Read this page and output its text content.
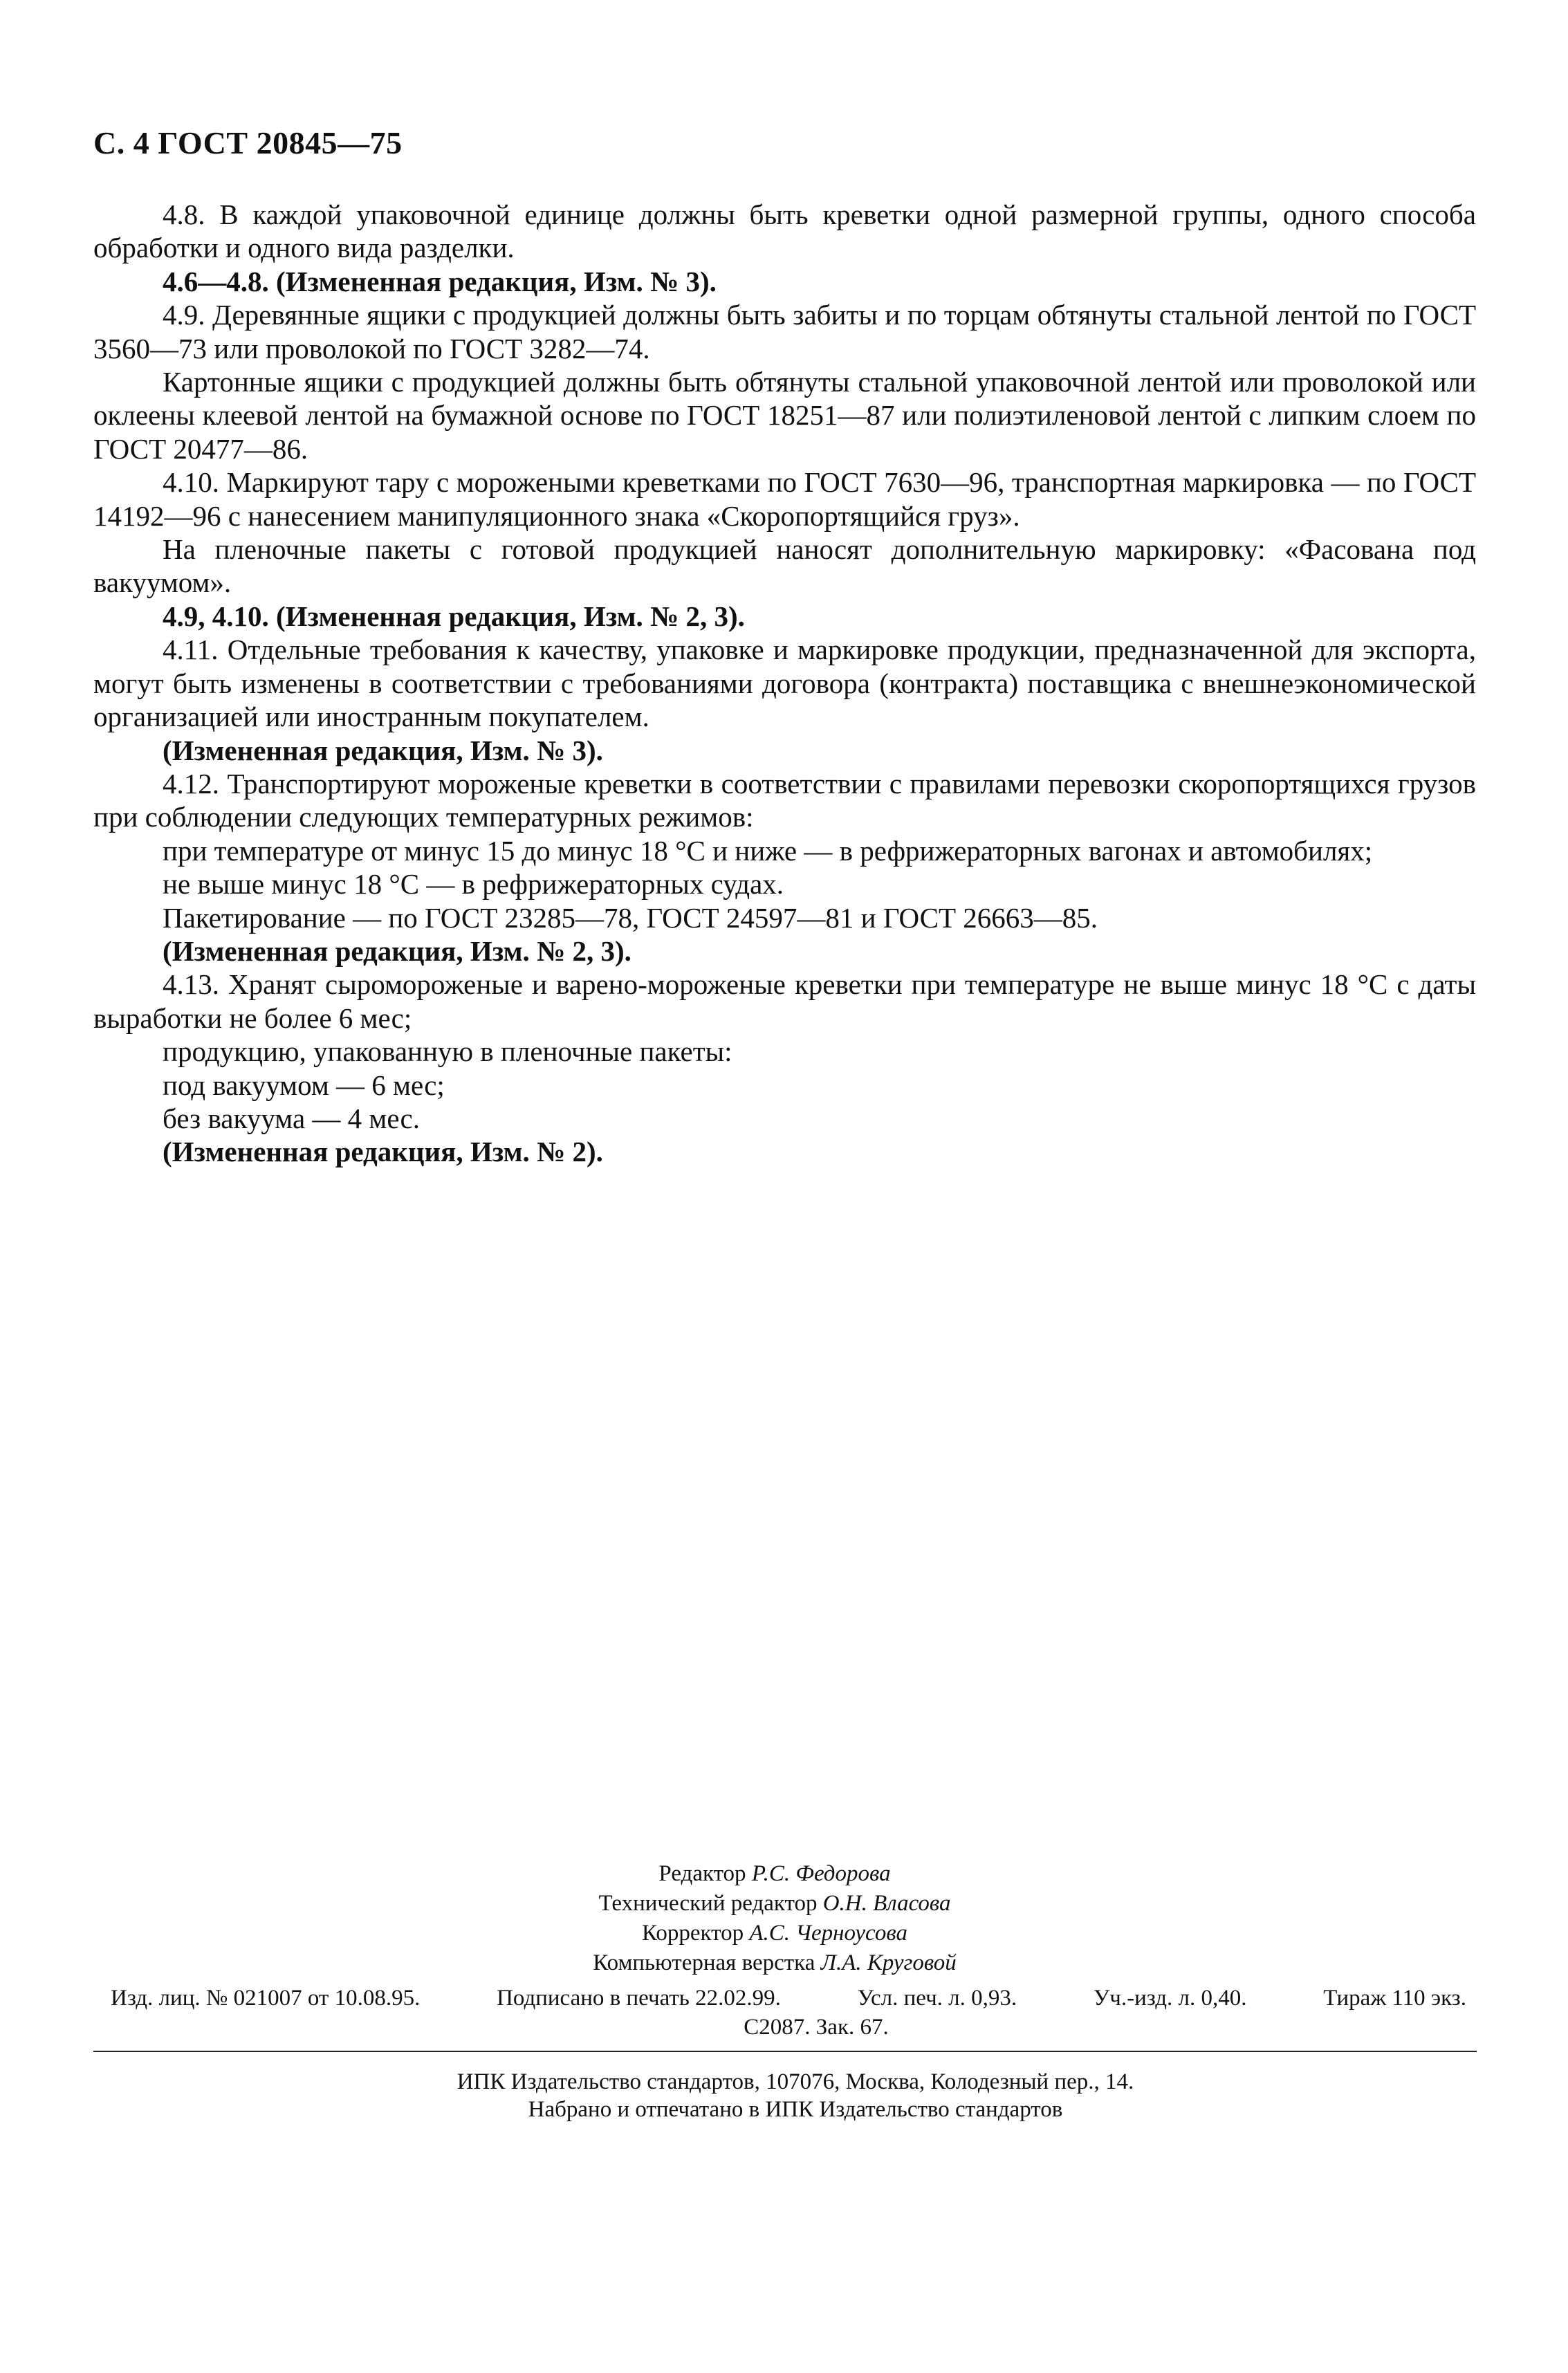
С. 4 ГОСТ 20845—75

4.8. В каждой упаковочной единице должны быть креветки одной размерной группы, одного способа обработки и одного вида разделки.

4.6—4.8. (Измененная редакция, Изм. № 3).

4.9. Деревянные ящики с продукцией должны быть забиты и по торцам обтянуты стальной лентой по ГОСТ 3560—73 или проволокой по ГОСТ 3282—74.

Картонные ящики с продукцией должны быть обтянуты стальной упаковочной лентой или проволокой или оклеены клеевой лентой на бумажной основе по ГОСТ 18251—87 или полиэтиленовой лентой с липким слоем по ГОСТ 20477—86.

4.10. Маркируют тару с морожеными креветками по ГОСТ 7630—96, транспортная маркировка — по ГОСТ 14192—96 с нанесением манипуляционного знака «Скоропортящийся груз».

На пленочные пакеты с готовой продукцией наносят дополнительную маркировку: «Фасована под вакуумом».

4.9, 4.10. (Измененная редакция, Изм. № 2, 3).

4.11. Отдельные требования к качеству, упаковке и маркировке продукции, предназначенной для экспорта, могут быть изменены в соответствии с требованиями договора (контракта) поставщика с внешнеэкономической организацией или иностранным покупателем.

(Измененная редакция, Изм. № 3).

4.12. Транспортируют мороженые креветки в соответствии с правилами перевозки скоропортящихся грузов при соблюдении следующих температурных режимов:

при температуре от минус 15 до минус 18 °С и ниже — в рефрижераторных вагонах и автомобилях;

не выше минус 18 °С — в рефрижераторных судах.

Пакетирование — по ГОСТ 23285—78, ГОСТ 24597—81 и ГОСТ 26663—85.

(Измененная редакция, Изм. № 2, 3).

4.13. Хранят сыромороженые и варено-мороженые креветки при температуре не выше минус 18 °С с даты выработки не более 6 мес;

продукцию, упакованную в пленочные пакеты:

под вакуумом — 6 мес;

без вакуума — 4 мес.

(Измененная редакция, Изм. № 2).

Редактор Р.С. Федорова
Технический редактор О.Н. Власова
Корректор А.С. Черноусова
Компьютерная верстка Л.А. Круговой
Изд. лиц. № 021007 от 10.08.95.	Подписано в печать 22.02.99.	Усл. печ. л. 0,93.	Уч.-изд. л. 0,40.	Тираж 110 экз.
С2087. Зак. 67.
ИПК Издательство стандартов, 107076, Москва, Колодезный пер., 14.
Набрано и отпечатано в ИПК Издательство стандартов
